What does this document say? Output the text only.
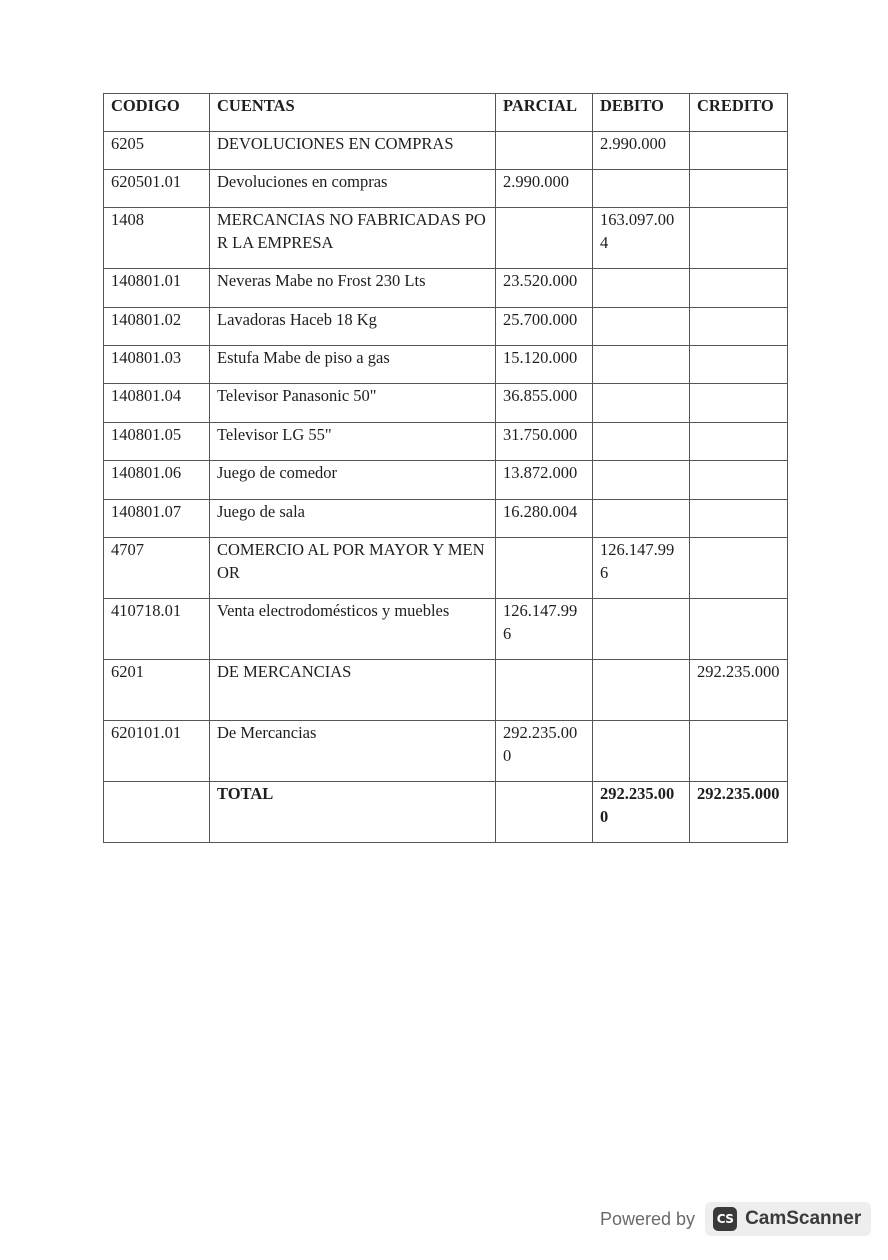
CODIGO	CUENTAS	PARCIAL	DEBITO	CREDITO
6205	DEVOLUCIONES EN COMPRAS		2.990.000	
620501.01	Devoluciones en compras	2.990.000		
1408	MERCANCIAS NO FABRICADAS POR LA EMPRESA		163.097.004	
140801.01	Neveras Mabe no Frost 230 Lts	23.520.000		
140801.02	Lavadoras Haceb 18 Kg	25.700.000		
140801.03	Estufa Mabe de piso a gas	15.120.000		
140801.04	Televisor Panasonic 50"	36.855.000		
140801.05	Televisor LG 55"	31.750.000		
140801.06	Juego de comedor	13.872.000		
140801.07	Juego de sala	16.280.004		
4707	COMERCIO AL POR MAYOR Y MENOR		126.147.996	
410718.01	Venta electrodomésticos y muebles	126.147.996		
6201	DE MERCANCIAS			292.235.000
620101.01	De Mercancias	292.235.000		
	TOTAL		292.235.000	292.235.000
Powered by	CS CamScanner
